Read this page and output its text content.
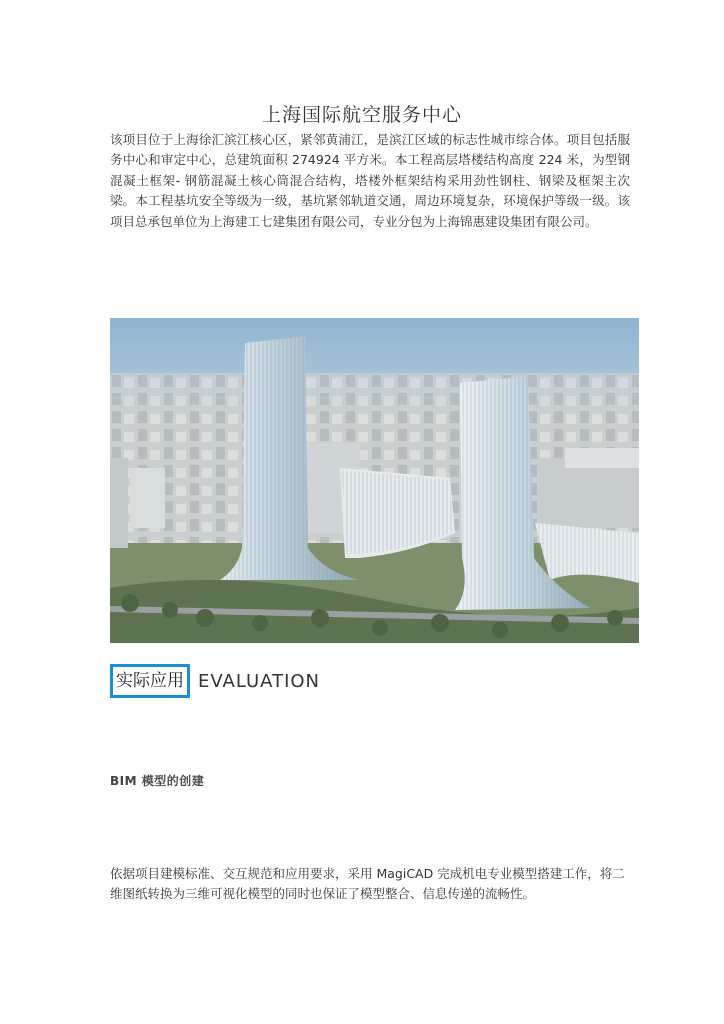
上海国际航空服务中心
该项目位于上海徐汇滨江核心区，紧邻黄浦江，是滨江区域的标志性城市综合体。项目包括服务中心和审定中心，总建筑面积 274924 平方米。本工程高层塔楼结构高度 224 米，为型钢混凝土框架- 钢筋混凝土核心筒混合结构，塔楼外框架结构采用劲性钢柱、钢梁及框架主次梁。本工程基坑安全等级为一级，基坑紧邻轨道交通，周边环境复杂，环境保护等级一级。该项目总承包单位为上海建工七建集团有限公司，专业分包为上海锦惠建设集团有限公司。
实际应用 EVALUATION
BIM 模型的创建
依据项目建模标准、交互规范和应用要求，采用 MagiCAD 完成机电专业模型搭建工作，将二维图纸转换为三维可视化模型的同时也保证了模型整合、信息传递的流畅性。
